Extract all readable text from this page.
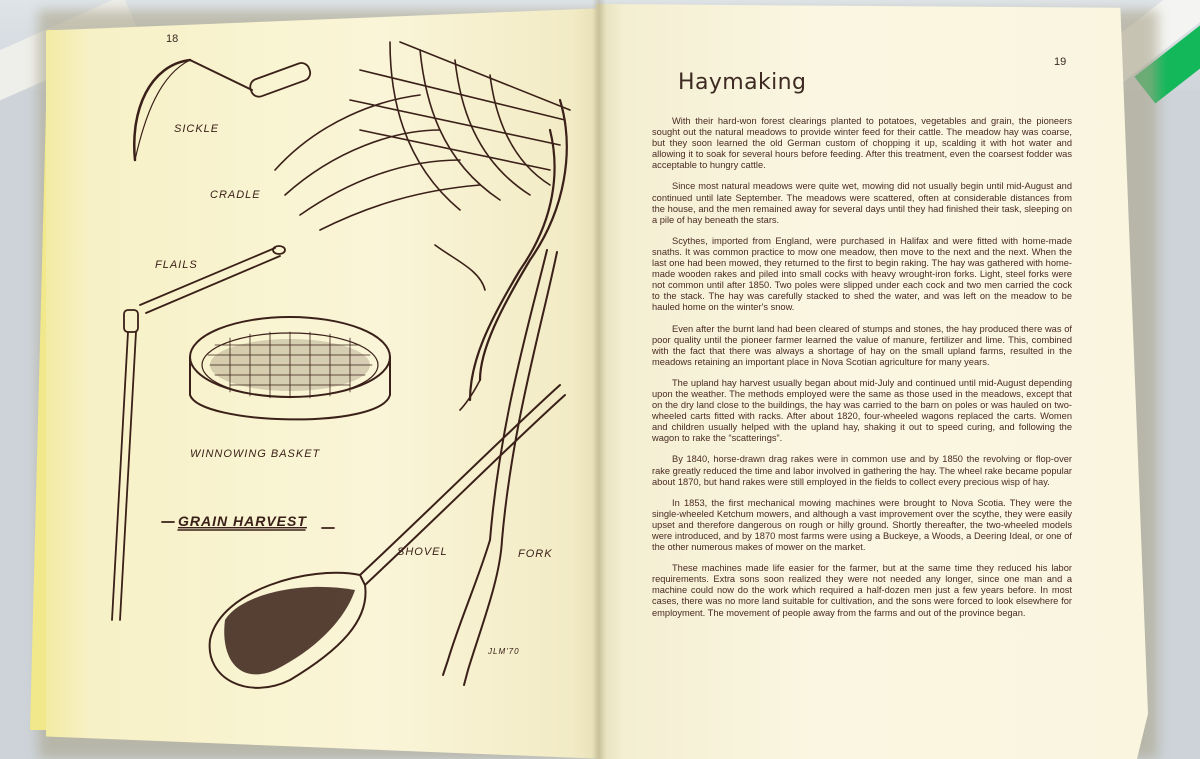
18
19
SICKLE
CRADLE
FLAILS
WINNOWING BASKET
GRAIN HARVEST
SHOVEL	FORK
JLM'70
Haymaking

With their hard-won forest clearings planted to potatoes, vegetables and grain, the pioneers sought out the natural meadows to provide winter feed for their cattle. The meadow hay was coarse, but they soon learned the old German custom of chopping it up, scalding it with hot water and allowing it to soak for several hours before feeding. After this treatment, even the coarsest fodder was acceptable to hungry cattle.

Since most natural meadows were quite wet, mowing did not usually begin until mid-August and continued until late September. The meadows were scattered, often at considerable distances from the house, and the men remained away for several days until they had finished their task, sleeping on a pile of hay beneath the stars.

Scythes, imported from England, were purchased in Halifax and were fitted with home-made snaths. It was common practice to mow one meadow, then move to the next and the next. When the last one had been mowed, they returned to the first to begin raking. The hay was gathered with home-made wooden rakes and piled into small cocks with heavy wrought-iron forks. Light, steel forks were not common until after 1850. Two poles were slipped under each cock and two men carried the cock to the stack. The hay was carefully stacked to shed the water, and was left on the meadow to be hauled home on the winter's snow.

Even after the burnt land had been cleared of stumps and stones, the hay produced there was of poor quality until the pioneer farmer learned the value of manure, fertilizer and lime. This, combined with the fact that there was always a shortage of hay on the small upland farms, resulted in the meadows retaining an important place in Nova Scotian agriculture for many years.

The upland hay harvest usually began about mid-July and continued until mid-August depending upon the weather. The methods employed were the same as those used in the meadows, except that on the dry land close to the buildings, the hay was carried to the barn on poles or was hauled on two-wheeled carts fitted with racks. After about 1820, four-wheeled wagons replaced the carts. Women and children usually helped with the upland hay, shaking it out to speed curing, and following the wagon to rake the “scatterings”.

By 1840, horse-drawn drag rakes were in common use and by 1850 the revolving or flop-over rake greatly reduced the time and labor involved in gathering the hay. The wheel rake became popular about 1870, but hand rakes were still employed in the fields to collect every precious wisp of hay.

In 1853, the first mechanical mowing machines were brought to Nova Scotia. They were the single-wheeled Ketchum mowers, and although a vast improvement over the scythe, they were easily upset and therefore dangerous on rough or hilly ground. Shortly thereafter, the two-wheeled models were introduced, and by 1870 most farms were using a Buckeye, a Woods, a Deering Ideal, or one of the other numerous makes of mower on the market.

These machines made life easier for the farmer, but at the same time they reduced his labor requirements. Extra sons soon realized they were not needed any longer, since one man and a machine could now do the work which required a half-dozen men just a few years before. In most cases, there was no more land suitable for cultivation, and the sons were forced to look elsewhere for employment. The movement of people away from the farms and out of the province began.
